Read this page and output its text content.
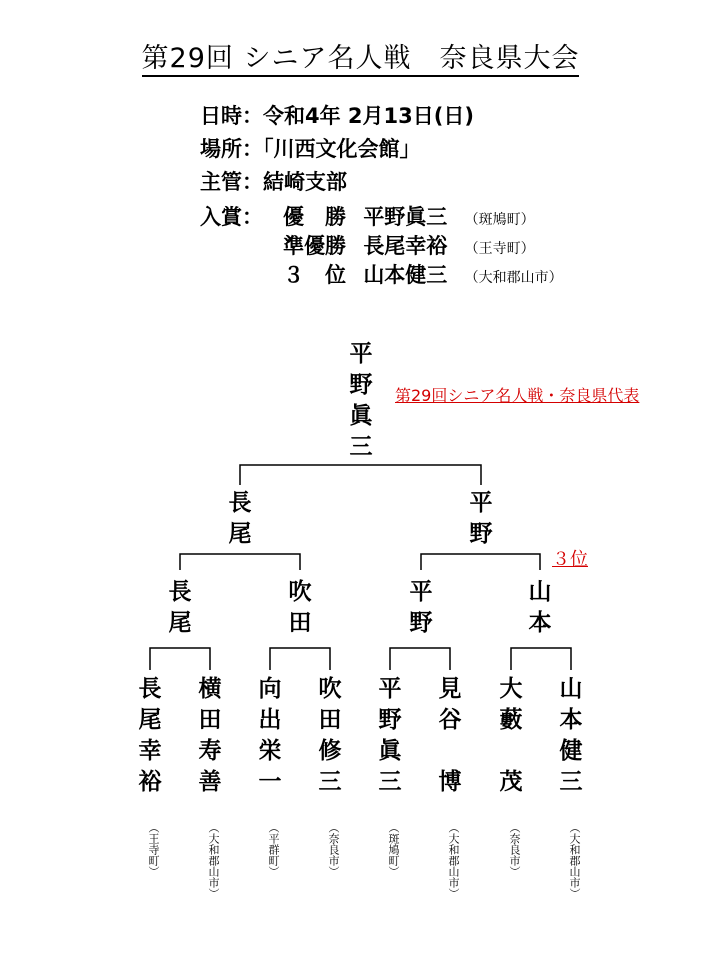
第29回 シニア名人戦　奈良県大会
日時：令和4年 2月13日(日)
場所：「川西文化会館」
主管：結崎支部
入賞： 優　勝 平野眞三 （斑鳩町）
準優勝 長尾幸裕 （王寺町）
３　位 山本健三 （大和郡山市）
平
野
眞
三
第29回シニア名人戦・奈良県代表
長
尾
平
野
３位
長
尾
吹
田
平
野
山
本
長
尾
幸
裕
横
田
寿
善
向
出
栄
一
吹
田
修
三
平
野
眞
三
見
谷

博
大
藪

茂
山
本
健
三
（王寺町）	（大和郡山市）	（平群町）	（奈良市）	（斑鳩町）	（大和郡山市）	（奈良市）	（大和郡山市）
